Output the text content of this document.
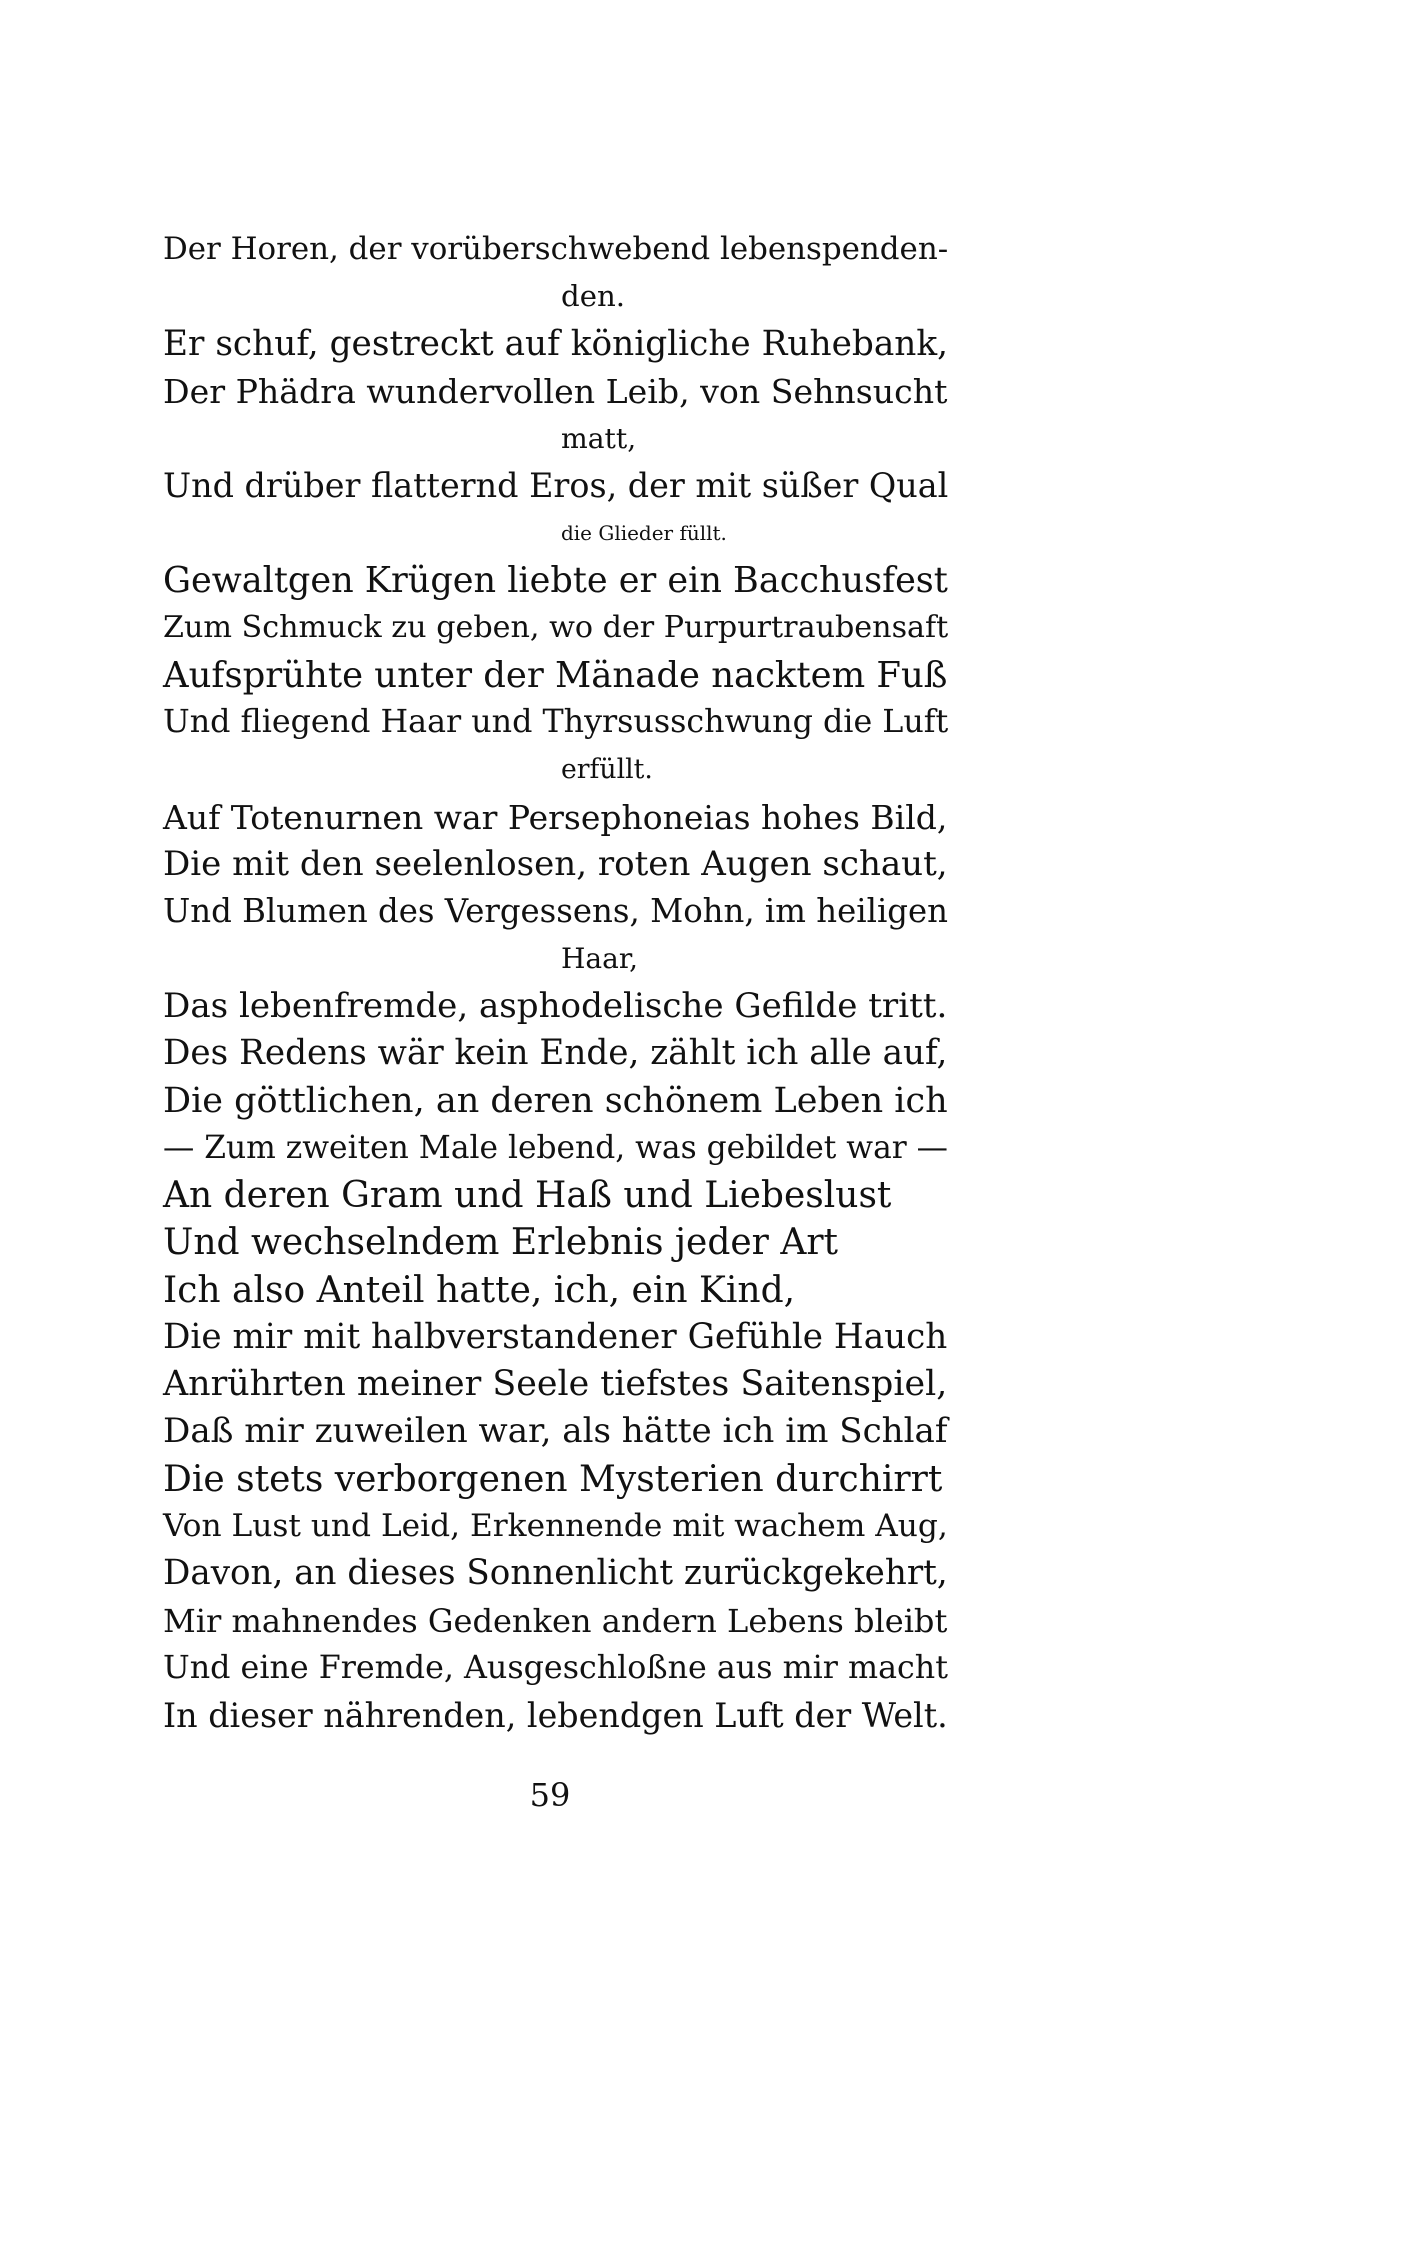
Der Horen, der vorüberschwebend lebenspenden-
den.
Er schuf, gestreckt auf königliche Ruhebank,
Der Phädra wundervollen Leib, von Sehnsucht
matt,
Und drüber flatternd Eros, der mit süßer Qual
die Glieder füllt.
Gewaltgen Krügen liebte er ein Bacchusfest
Zum Schmuck zu geben, wo der Purpurtraubensaft
Aufsprühte unter der Mänade nacktem Fuß
Und fliegend Haar und Thyrsusschwung die Luft
erfüllt.
Auf Totenurnen war Persephoneias hohes Bild,
Die mit den seelenlosen, roten Augen schaut,
Und Blumen des Vergessens, Mohn, im heiligen
Haar,
Das lebenfremde, asphodelische Gefilde tritt.
Des Redens wär kein Ende, zählt ich alle auf,
Die göttlichen, an deren schönem Leben ich
— Zum zweiten Male lebend, was gebildet war —
An deren Gram und Haß und Liebeslust
Und wechselndem Erlebnis jeder Art
Ich also Anteil hatte, ich, ein Kind,
Die mir mit halbverstandener Gefühle Hauch
Anrührten meiner Seele tiefstes Saitenspiel,
Daß mir zuweilen war, als hätte ich im Schlaf
Die stets verborgenen Mysterien durchirrt
Von Lust und Leid, Erkennende mit wachem Aug,
Davon, an dieses Sonnenlicht zurückgekehrt,
Mir mahnendes Gedenken andern Lebens bleibt
Und eine Fremde, Ausgeschloßne aus mir macht
In dieser nährenden, lebendgen Luft der Welt.
59
